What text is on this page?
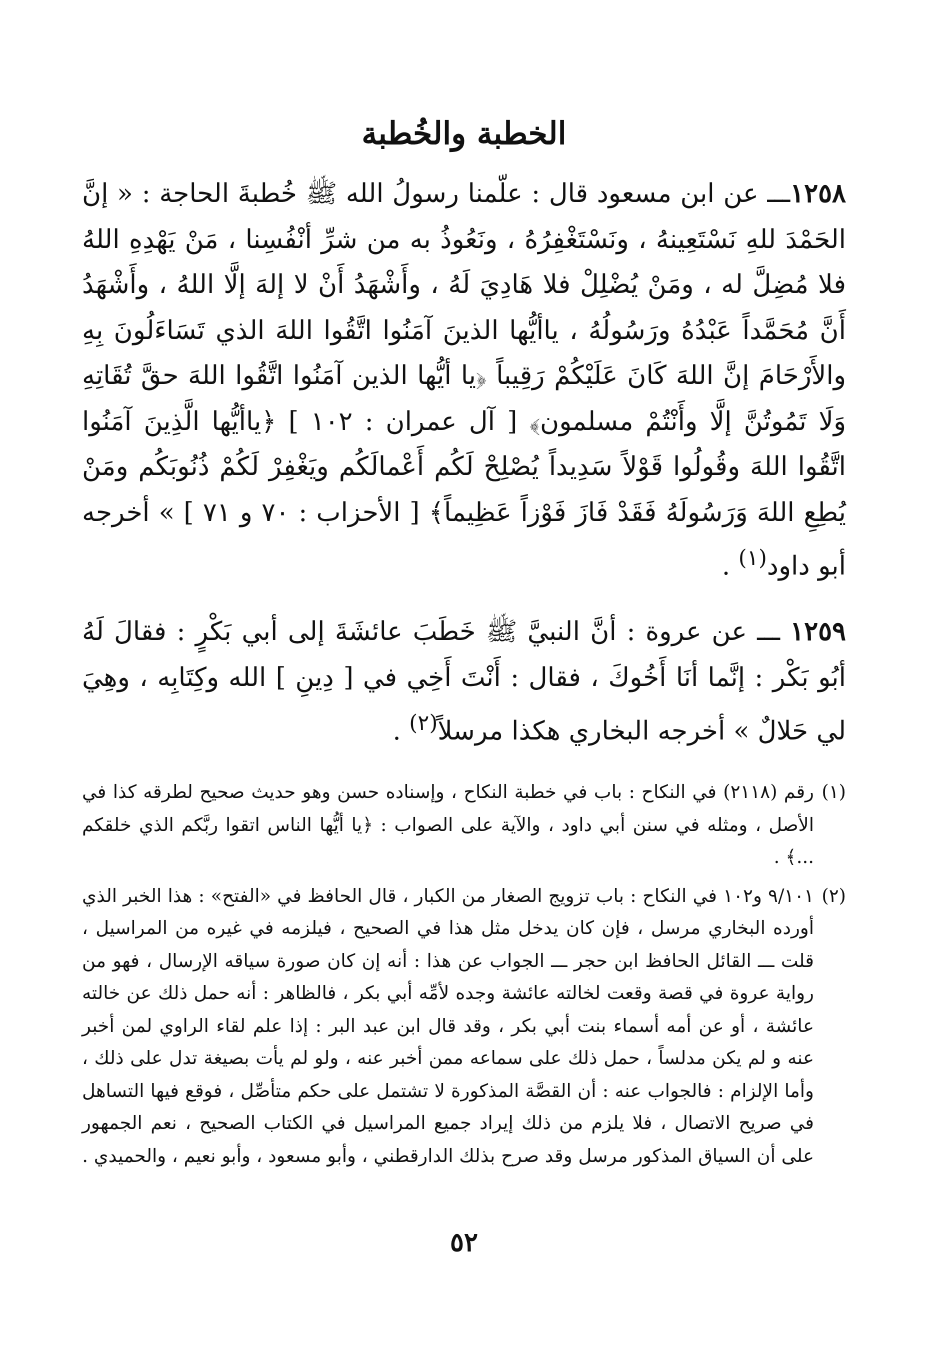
الخطبة والخُطبة

١٢٥٨ـــ عن ابن مسعود قال : علّمنا رسولُ الله ﷺ خُطبةَ الحاجة : « إنَّ الحَمْدَ للهِ نَسْتَعِينهُ ، ونَسْتَغْفِرُهُ ، ونَعُوذُ به من شرِّ أنْفُسِنا ، مَنْ يَهْدِهِ اللهُ فلا مُضِلَّ له ، ومَنْ يُضْلِلْ فلا هَادِيَ لَهُ ، وأَشْهَدُ أَنْ لا إلهَ إلَّا اللهُ ، وأَشْهَدُ أَنَّ مُحَمَّداً عَبْدُهُ ورَسُولُهُ ، ياأيُّها الذينَ آمَنُوا اتَّقُوا اللهَ الذي تَسَاءَلُونَ بِهِ والأَرْحَامَ إنَّ اللهَ كَانَ عَلَيْكُمْ رَقِيباً ﴿يا أيُّها الذين آمَنُوا اتَّقُوا اللهَ حقَّ تُقَاتِهِ وَلَا تَمُوتُنَّ إلَّا وأَنْتُمْ مسلمون﴾ [ آل عمران : ١٠٢ ] ﴿ياأيُّها الَّذِينَ آمَنُوا اتَّقُوا اللهَ وقُولُوا قَوْلاً سَدِيداً يُصْلِحْ لَكُم أَعْمالَكُم ويَغْفِرْ لَكُمْ ذُنُوبَكُم ومَنْ يُطِعِ اللهَ وَرَسُولَهُ فَقَدْ فَازَ فَوْزاً عَظِيماً﴾ [ الأحزاب : ٧٠ و ٧١ ] » أخرجه أبو داود$^{(١)}$ .

١٢٥٩ ـــ عن عروة : أنَّ النبيَّ ﷺ خَطَبَ عائشَةَ إلى أبي بَكْرٍ : فقالَ لَهُ أبُو بَكْر : إنَّما أنَا أَخُوكَ ، فقال : أَنْتَ أَخِي في [ دِينِ ] الله وكِتَابِه ، وهِيَ لي حَلالٌ » أخرجه البخاري هكذا مرسلاً$^{(٢)}$ .

(١)
رقم (٢١١٨) في النكاح : باب في خطبة النكاح ، وإسناده حسن وهو حديث صحيح لطرقه كذا في الأصل ، ومثله في سنن أبي داود ، والآية على الصواب : ﴿يا أيُّها الناس اتقوا ربَّكم الذي خلقكم ...﴾ .

(٢)
٩/١٠١ و١٠٢ في النكاح : باب تزويج الصغار من الكبار ، قال الحافظ في «الفتح» : هذا الخبر الذي أورده البخاري مرسل ، فإن كان يدخل مثل هذا في الصحيح ، فيلزمه في غيره من المراسيل ، قلت ـــ القائل الحافظ ابن حجر ـــ الجواب عن هذا : أنه إن كان صورة سياقه الإرسال ، فهو من رواية عروة في قصة وقعت لخالته عائشة وجده لأمِّه أبي بكر ، فالظاهر : أنه حمل ذلك عن خالته عائشة ، أو عن أمه أسماء بنت أبي بكر ، وقد قال ابن عبد البر : إذا علم لقاء الراوي لمن أخبر عنه و لم يكن مدلساً ، حمل ذلك على سماعه ممن أخبر عنه ، ولو لم يأت بصيغة تدل على ذلك ، وأما الإلزام : فالجواب عنه : أن القصَّة المذكورة لا تشتمل على حكم متأصِّل ، فوقع فيها التساهل في صريح الاتصال ، فلا يلزم من ذلك إيراد جميع المراسيل في الكتاب الصحيح ، نعم الجمهور على أن السياق المذكور مرسل وقد صرح بذلك الدارقطني ، وأبو مسعود ، وأبو نعيم ، والحميدي .

٥٢
